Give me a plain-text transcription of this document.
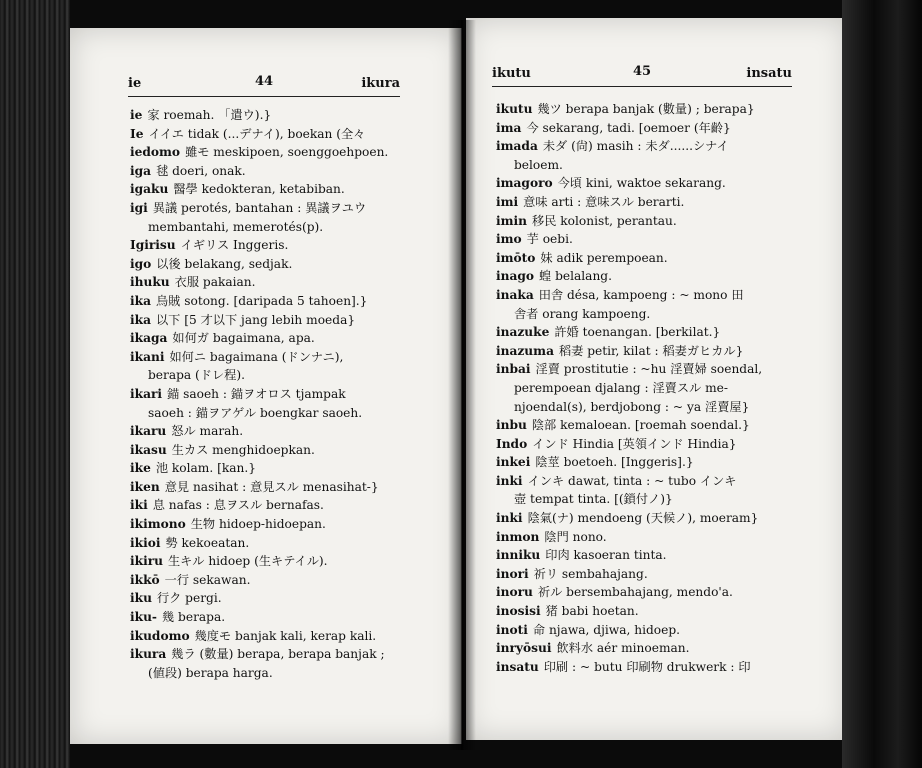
ie	44	ikura
ie 家 roemah. 「遣ウ).}
Ie イイエ tidak (...デナイ), boekan (全々
iedomo 雖モ meskipoen, soenggoehpoen.
iga 毬 doeri, onak.
igaku 醫學 kedokteran, ketabiban.
igi 異議 perotés, bantahan : 異議ヲユウ
membantahi, memerotés(p).
Igirisu イギリス Inggeris.
igo 以後 belakang, sedjak.
ihuku 衣服 pakaian.
ika 烏賊 sotong. [daripada 5 tahoen].}
ika 以下 [5 才以下 jang lebih moeda}
ikaga 如何ガ bagaimana, apa.
ikani 如何ニ bagaimana (ドンナニ),
berapa (ドレ程).
ikari 錨 saoeh : 錨ヲオロス tjampak
saoeh : 錨ヲアゲル boengkar saoeh.
ikaru 怒ル marah.
ikasu 生カス menghidoepkan.
ike 池 kolam. [kan.}
iken 意見 nasihat : 意見スル menasihat-}
iki 息 nafas : 息ヲスル bernafas.
ikimono 生物 hidoep-hidoepan.
ikioi 勢 kekoeatan.
ikiru 生キル hidoep (生キテイル).
ikkō 一行 sekawan.
iku 行ク pergi.
iku- 幾 berapa.
ikudomo 幾度モ banjak kali, kerap kali.
ikura 幾ラ (數量) berapa, berapa banjak ;
(値段) berapa harga.
ikutu	45	insatu
ikutu 幾ツ berapa banjak (數量) ; berapa}
ima 今 sekarang, tadi. [oemoer (年齡}
imada 未ダ (尙) masih : 未ダ......シナイ
beloem.
imagoro 今頃 kini, waktoe sekarang.
imi 意味 arti : 意味スル berarti.
imin 移民 kolonist, perantau.
imo 芋 oebi.
imōto 妹 adik perempoean.
inago 蝗 belalang.
inaka 田舎 désa, kampoeng : ~ mono 田
舎者 orang kampoeng.
inazuke 許婚 toenangan. [berkilat.}
inazuma 稻妻 petir, kilat : 稻妻ガヒカル}
inbai 淫賣 prostitutie : ~hu 淫賣婦 soendal,
perempoean djalang : 淫賣スル me-
njoendal(s), berdjobong : ~ ya 淫賣屋}
inbu 陰部 kemaloean. [roemah soendal.}
Indo インド Hindia [英領インド Hindia}
inkei 陰莖 boetoeh. [Inggeris].}
inki インキ dawat, tinta : ~ tubo インキ
壺 tempat tinta. [(鎖付ノ)}
inki 陰氣(ナ) mendoeng (天候ノ), moeram}
inmon 陰門 nono.
inniku 印肉 kasoeran tinta.
inori 祈リ sembahajang.
inoru 祈ル bersembahajang, mendo'a.
inosisi 猪 babi hoetan.
inoti 命 njawa, djiwa, hidoep.
inryōsui 飲料水 aér minoeman.
insatu 印刷 : ~ butu 印刷物 drukwerk : 印
